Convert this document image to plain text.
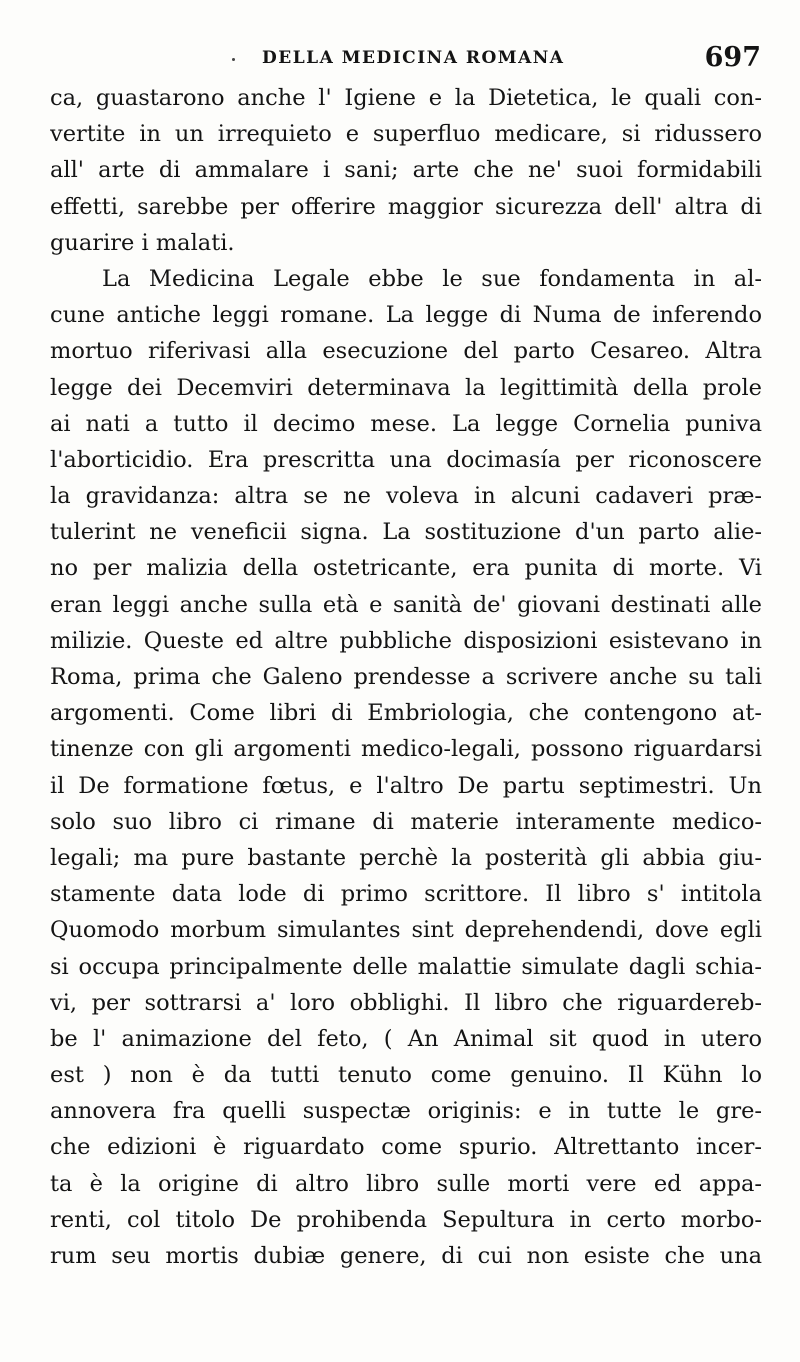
DELLA MEDICINA ROMANA	697
ca, guastarono anche l' Igiene e la Dietetica, le quali con-
vertite in un irrequieto e superfluo medicare, si ridussero
all' arte di ammalare i sani; arte che ne' suoi formidabili
effetti, sarebbe per offerire maggior sicurezza dell' altra di
guarire i malati.
La Medicina Legale ebbe le sue fondamenta in al-
cune antiche leggi romane. La legge di Numa de inferendo
mortuo riferivasi alla esecuzione del parto Cesareo. Altra
legge dei Decemviri determinava la legittimità della prole
ai nati a tutto il decimo mese. La legge Cornelia puniva
l'aborticidio. Era prescritta una docimasía per riconoscere
la gravidanza: altra se ne voleva in alcuni cadaveri præ-
tulerint ne veneficii signa. La sostituzione d'un parto alie-
no per malizia della ostetricante, era punita di morte. Vi
eran leggi anche sulla età e sanità de' giovani destinati alle
milizie. Queste ed altre pubbliche disposizioni esistevano in
Roma, prima che Galeno prendesse a scrivere anche su tali
argomenti. Come libri di Embriologia, che contengono at-
tinenze con gli argomenti medico-legali, possono riguardarsi
il De formatione fœtus, e l'altro De partu septimestri. Un
solo suo libro ci rimane di materie interamente medico-
legali; ma pure bastante perchè la posterità gli abbia giu-
stamente data lode di primo scrittore. Il libro s' intitola
Quomodo morbum simulantes sint deprehendendi, dove egli
si occupa principalmente delle malattie simulate dagli schia-
vi, per sottrarsi a' loro obblighi. Il libro che riguardereb-
be l' animazione del feto, ( An Animal sit quod in utero
est ) non è da tutti tenuto come genuino. Il Kühn lo
annovera fra quelli suspectæ originis: e in tutte le gre-
che edizioni è riguardato come spurio. Altrettanto incer-
ta è la origine di altro libro sulle morti vere ed appa-
renti, col titolo De prohibenda Sepultura in certo morbo-
rum seu mortis dubiæ genere, di cui non esiste che una
